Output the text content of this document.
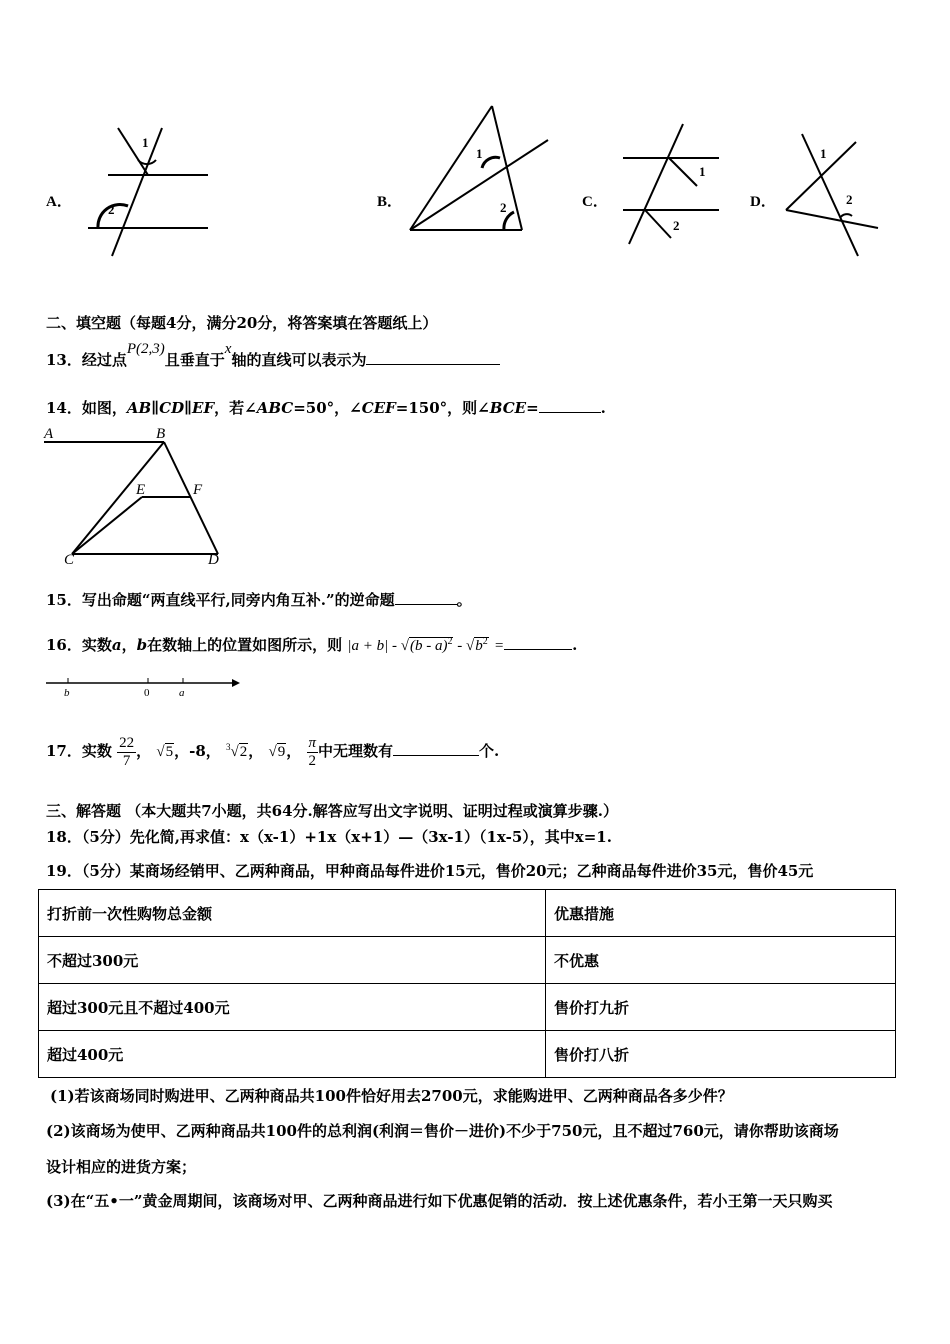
A．
1
2	B．
1
2	C．
1
2
D．
1
2
二、填空题（每题4分，满分20分，将答案填在答题纸上）
13．经过点P(2,3)且垂直于x轴的直线可以表示为
14．如图，AB∥CD∥EF，若∠ABC=50°，∠CEF=150°，则∠BCE=	.
A	B
E	F
C	D
15．写出命题“两直线平行,同旁内角互补.”的逆命题	。
16．实数a，b在数轴上的位置如图所示，则 $|a + b| - √(b - a)^2 - √b^2$ =	.
b	0	a
17．实数 $\frac{22}{7}$ ， √5，-8， $^3$√2， √9， $\frac{\pi}{2}$ 中无理数有	个.
三、解答题 （本大题共7小题，共64分.解答应写出文字说明、证明过程或演算步骤.）
18．（5分）先化简,再求值：x（x-1）+1x（x+1）—（3x-1）（1x-5），其中x=1.
19．（5分）某商场经销甲、乙两种商品，甲种商品每件进价15元，售价20元；乙种商品每件进价35元，售价45元
打折前一次性购物总金额	优惠措施
不超过300元	不优惠
超过300元且不超过400元	售价打九折
超过400元	售价打八折
(1)若该商场同时购进甲、乙两种商品共100件恰好用去2700元，求能购进甲、乙两种商品各多少件？
(2)该商场为使甲、乙两种商品共100件的总利润(利润＝售价－进价)不少于750元，且不超过760元，请你帮助该商场
设计相应的进货方案；
(3)在“五•一”黄金周期间，该商场对甲、乙两种商品进行如下优惠促销的活动．按上述优惠条件，若小王第一天只购买
